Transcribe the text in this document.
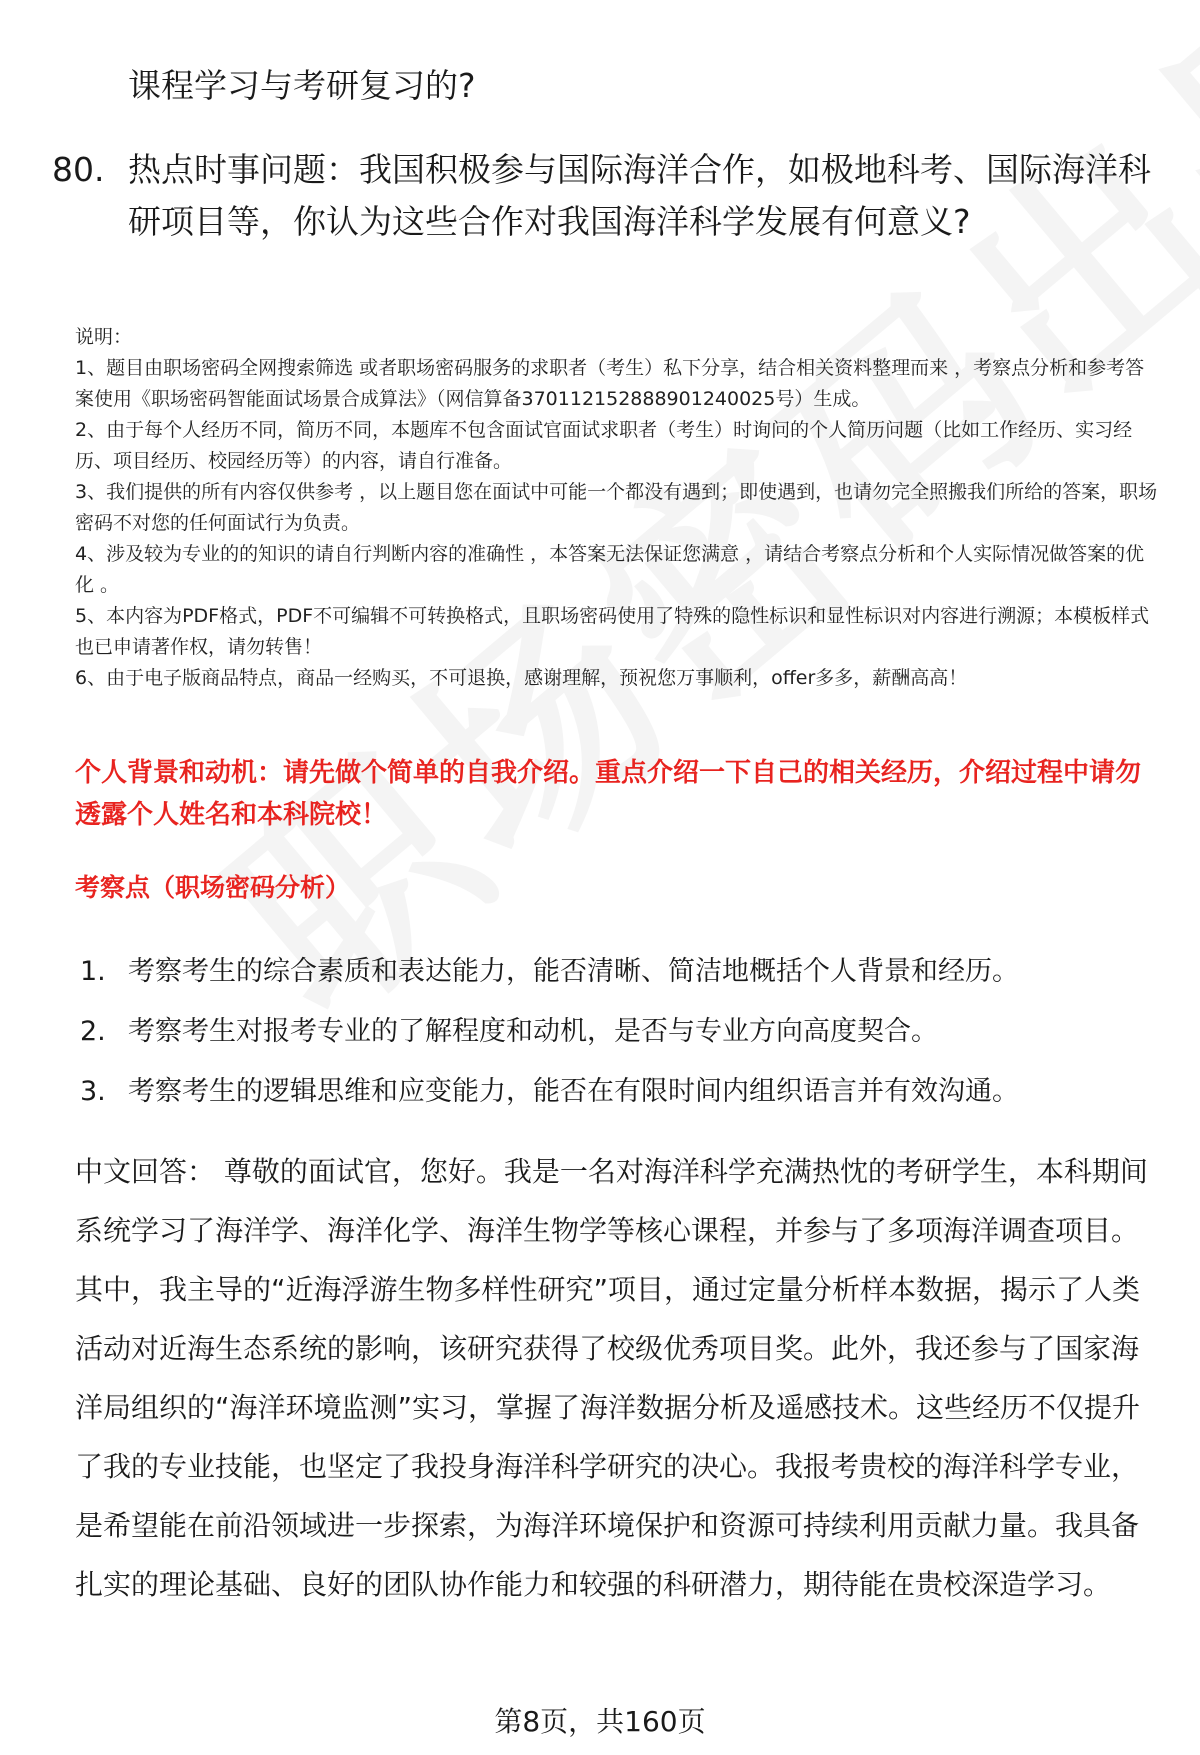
课程学习与考研复习的?

80. 热点时事问题：我国积极参与国际海洋合作，如极地科考、国际海洋科研项目等，你认为这些合作对我国海洋科学发展有何意义?

说明：

1、题目由职场密码全网搜索筛选 或者职场密码服务的求职者（考生）私下分享，结合相关资料整理而来 ，考察点分析和参考答案使用《职场密码智能面试场景合成算法》（网信算备370112152888901240025号）生成。

2、由于每个人经历不同，简历不同，本题库不包含面试官面试求职者（考生）时询问的个人简历问题（比如工作经历、实习经历、项目经历、校园经历等）的内容，请自行准备。

3、我们提供的所有内容仅供参考 ，以上题目您在面试中可能一个都没有遇到；即使遇到，也请勿完全照搬我们所给的答案，职场密码不对您的任何面试行为负责。

4、涉及较为专业的的知识的请自行判断内容的准确性 ，本答案无法保证您满意 ，请结合考察点分析和个人实际情况做答案的优化 。

5、本内容为PDF格式，PDF不可编辑不可转换格式，且职场密码使用了特殊的隐性标识和显性标识对内容进行溯源；本模板样式也已申请著作权，请勿转售！

6、由于电子版商品特点，商品一经购买，不可退换，感谢理解，预祝您万事顺利，offer多多，薪酬高高！

个人背景和动机：请先做个简单的自我介绍。重点介绍一下自己的相关经历，介绍过程中请勿透露个人姓名和本科院校！

考察点（职场密码分析）

1. 考察考生的综合素质和表达能力，能否清晰、简洁地概括个人背景和经历。
2. 考察考生对报考专业的了解程度和动机，是否与专业方向高度契合。
3. 考察考生的逻辑思维和应变能力，能否在有限时间内组织语言并有效沟通。

中文回答： 尊敬的面试官，您好。我是一名对海洋科学充满热忱的考研学生，本科期间系统学习了海洋学、海洋化学、海洋生物学等核心课程，并参与了多项海洋调查项目。其中，我主导的“近海浮游生物多样性研究”项目，通过定量分析样本数据，揭示了人类活动对近海生态系统的影响，该研究获得了校级优秀项目奖。此外，我还参与了国家海洋局组织的“海洋环境监测”实习，掌握了海洋数据分析及遥感技术。这些经历不仅提升了我的专业技能，也坚定了我投身海洋科学研究的决心。我报考贵校的海洋科学专业，是希望能在前沿领域进一步探索，为海洋环境保护和资源可持续利用贡献力量。我具备扎实的理论基础、良好的团队协作能力和较强的科研潜力，期待能在贵校深造学习。

第8页，共160页
